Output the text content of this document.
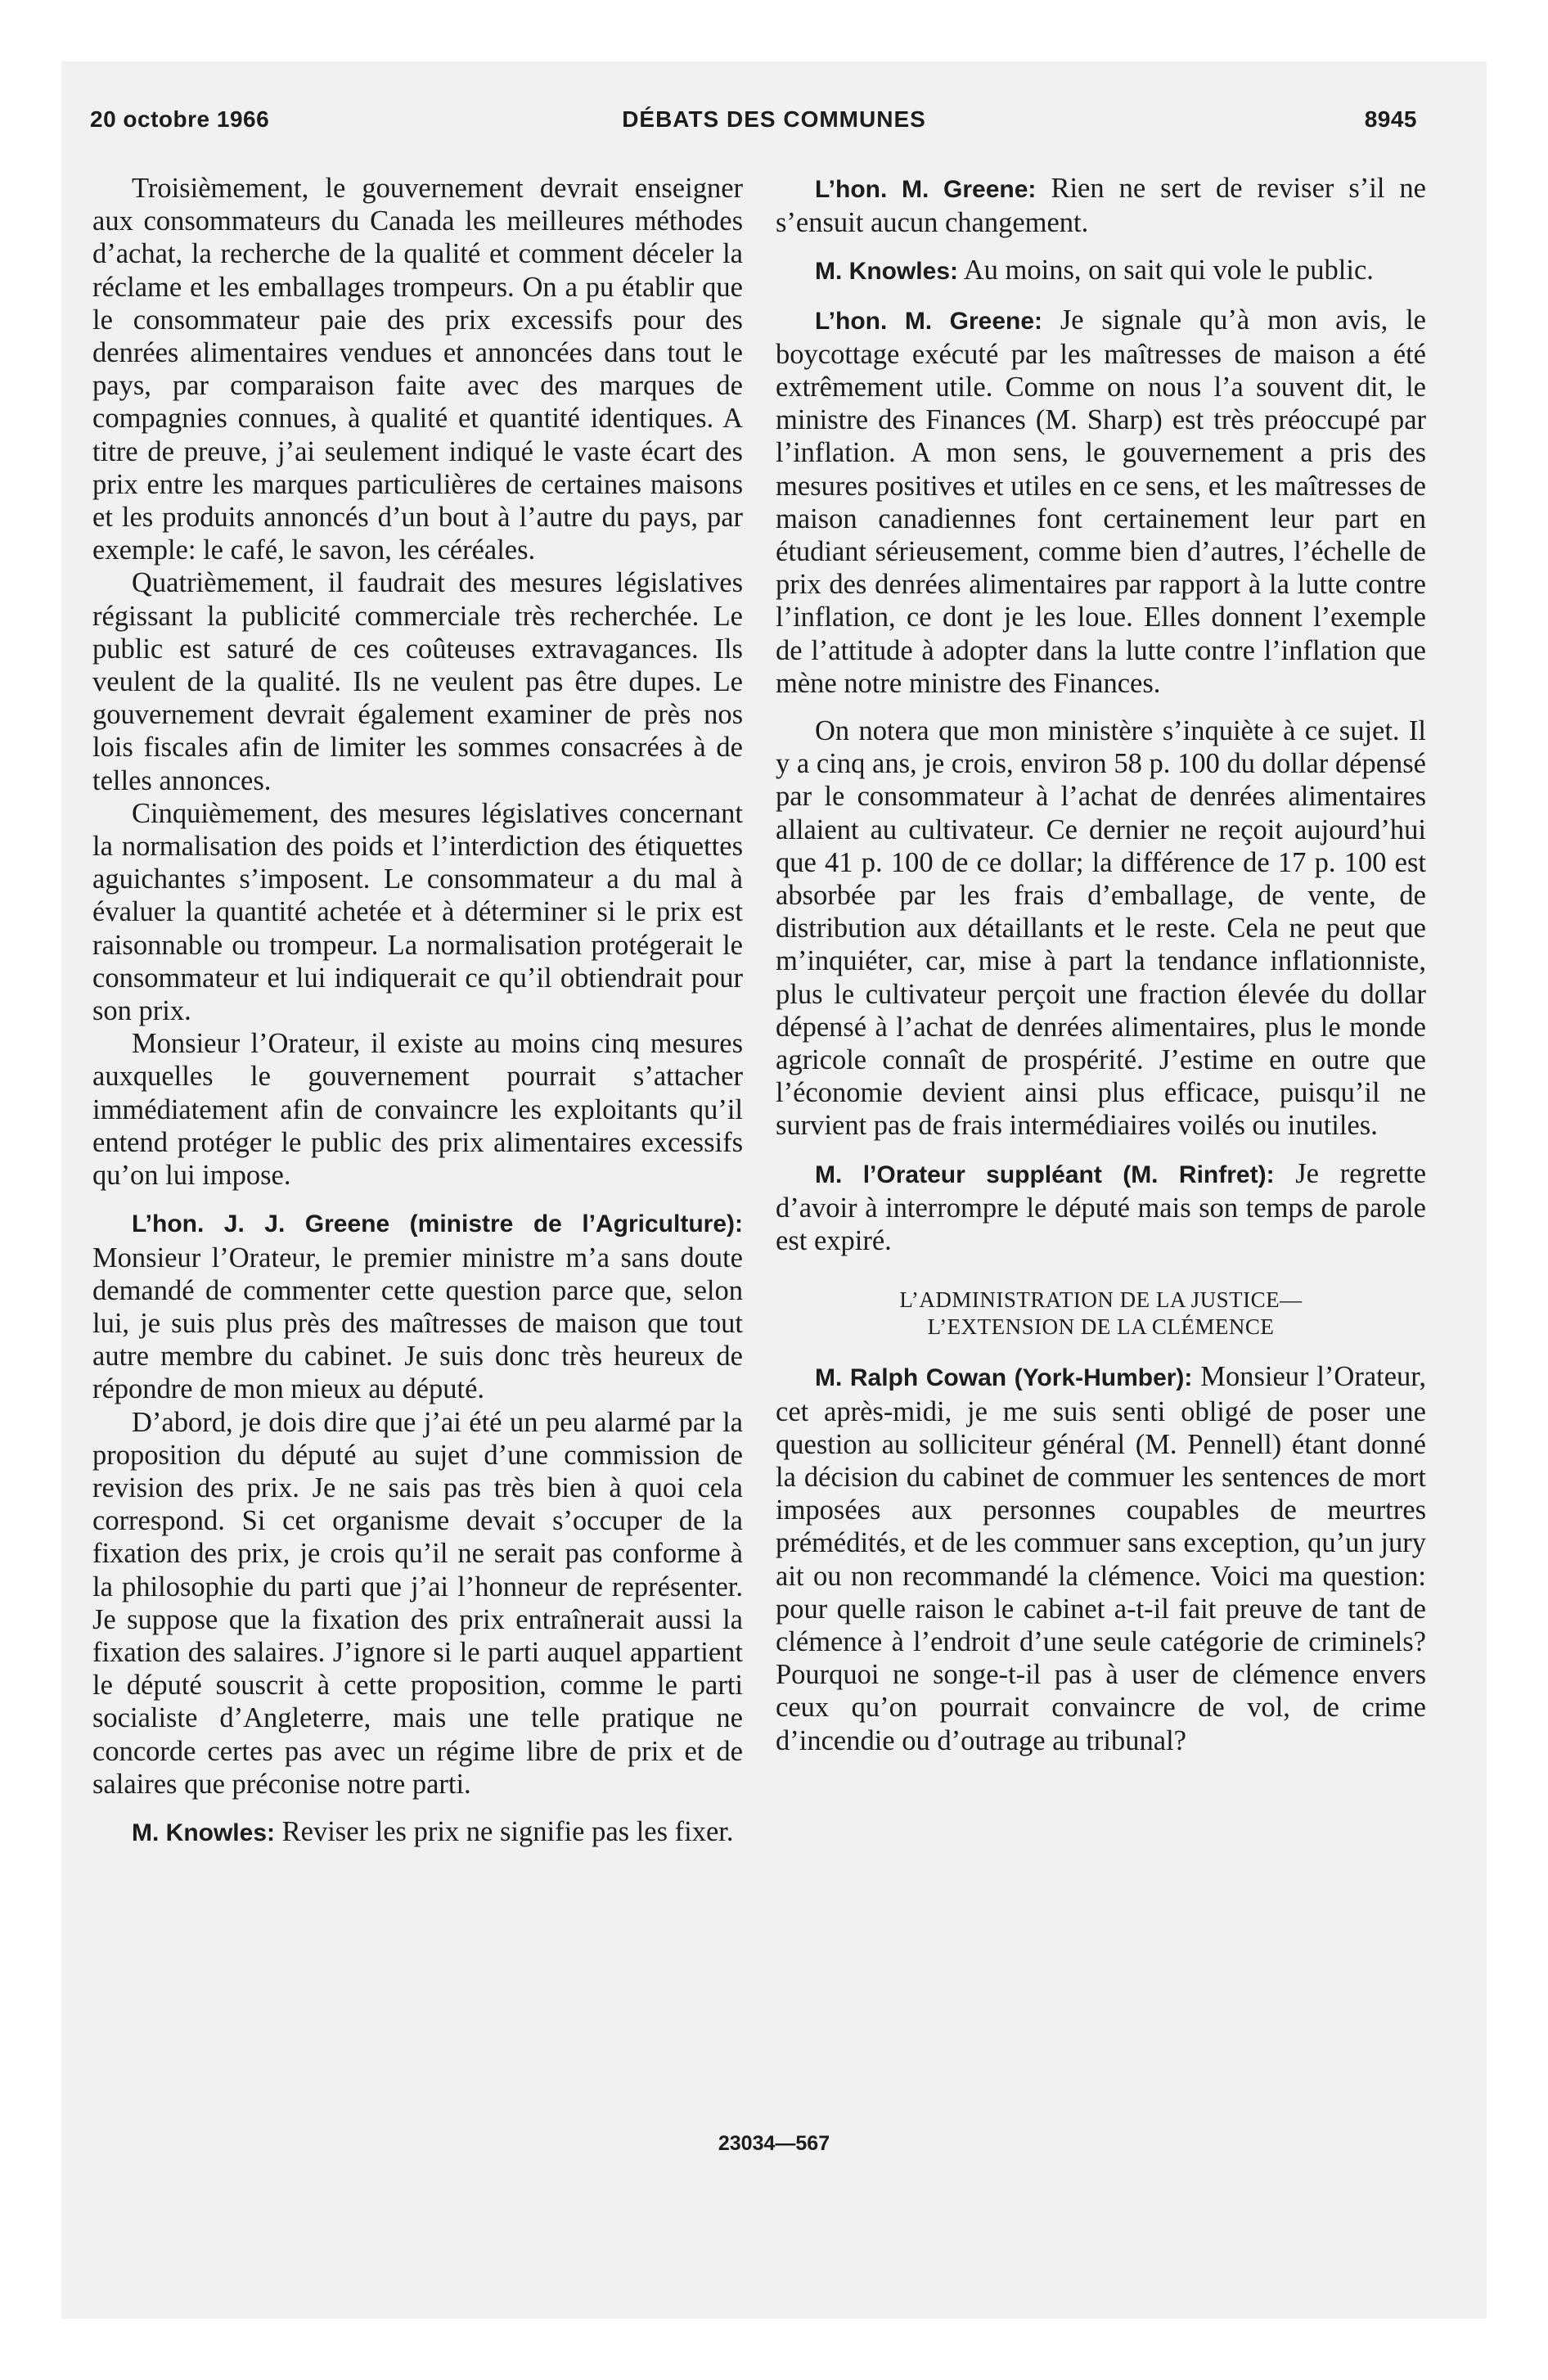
20 octobre 1966	DÉBATS DES COMMUNES	8945

Troisièmement, le gouvernement devrait enseigner aux consommateurs du Canada les meilleures méthodes d’achat, la recherche de la qualité et comment déceler la réclame et les emballages trompeurs. On a pu établir que le consommateur paie des prix excessifs pour des denrées alimentaires vendues et annoncées dans tout le pays, par comparaison faite avec des marques de compagnies connues, à qualité et quantité identiques. A titre de preuve, j’ai seulement indiqué le vaste écart des prix entre les marques particulières de certaines maisons et les produits annoncés d’un bout à l’autre du pays, par exemple: le café, le savon, les céréales.

Quatrièmement, il faudrait des mesures législatives régissant la publicité commerciale très recherchée. Le public est saturé de ces coûteuses extravagances. Ils veulent de la qualité. Ils ne veulent pas être dupes. Le gouvernement devrait également examiner de près nos lois fiscales afin de limiter les sommes consacrées à de telles annonces.

Cinquièmement, des mesures législatives concernant la normalisation des poids et l’interdiction des étiquettes aguichantes s’imposent. Le consommateur a du mal à évaluer la quantité achetée et à déterminer si le prix est raisonnable ou trompeur. La normalisation protégerait le consommateur et lui indiquerait ce qu’il obtiendrait pour son prix.

Monsieur l’Orateur, il existe au moins cinq mesures auxquelles le gouvernement pourrait s’attacher immédiatement afin de convaincre les exploitants qu’il entend protéger le public des prix alimentaires excessifs qu’on lui impose.

L’hon. J. J. Greene (ministre de l’Agriculture): Monsieur l’Orateur, le premier ministre m’a sans doute demandé de commenter cette question parce que, selon lui, je suis plus près des maîtresses de maison que tout autre membre du cabinet. Je suis donc très heureux de répondre de mon mieux au député.

D’abord, je dois dire que j’ai été un peu alarmé par la proposition du député au sujet d’une commission de revision des prix. Je ne sais pas très bien à quoi cela correspond. Si cet organisme devait s’occuper de la fixation des prix, je crois qu’il ne serait pas conforme à la philosophie du parti que j’ai l’honneur de représenter. Je suppose que la fixation des prix entraînerait aussi la fixation des salaires. J’ignore si le parti auquel appartient le député souscrit à cette proposition, comme le parti socialiste d’Angleterre, mais une telle pratique ne concorde certes pas avec un régime libre de prix et de salaires que préconise notre parti.

M. Knowles: Reviser les prix ne signifie pas les fixer.

L’hon. M. Greene: Rien ne sert de reviser s’il ne s’ensuit aucun changement.

M. Knowles: Au moins, on sait qui vole le public.

L’hon. M. Greene: Je signale qu’à mon avis, le boycottage exécuté par les maîtresses de maison a été extrêmement utile. Comme on nous l’a souvent dit, le ministre des Finances (M. Sharp) est très préoccupé par l’inflation. A mon sens, le gouvernement a pris des mesures positives et utiles en ce sens, et les maîtresses de maison canadiennes font certainement leur part en étudiant sérieusement, comme bien d’autres, l’échelle de prix des denrées alimentaires par rapport à la lutte contre l’inflation, ce dont je les loue. Elles donnent l’exemple de l’attitude à adopter dans la lutte contre l’inflation que mène notre ministre des Finances.

On notera que mon ministère s’inquiète à ce sujet. Il y a cinq ans, je crois, environ 58 p. 100 du dollar dépensé par le consommateur à l’achat de denrées alimentaires allaient au cultivateur. Ce dernier ne reçoit aujourd’hui que 41 p. 100 de ce dollar; la différence de 17 p. 100 est absorbée par les frais d’emballage, de vente, de distribution aux détaillants et le reste. Cela ne peut que m’inquiéter, car, mise à part la tendance inflationniste, plus le cultivateur perçoit une fraction élevée du dollar dépensé à l’achat de denrées alimentaires, plus le monde agricole connaît de prospérité. J’estime en outre que l’économie devient ainsi plus efficace, puisqu’il ne survient pas de frais intermédiaires voilés ou inutiles.

M. l’Orateur suppléant (M. Rinfret): Je regrette d’avoir à interrompre le député mais son temps de parole est expiré.

L’ADMINISTRATION DE LA JUSTICE—
L’EXTENSION DE LA CLÉMENCE

M. Ralph Cowan (York-Humber): Monsieur l’Orateur, cet après-midi, je me suis senti obligé de poser une question au solliciteur général (M. Pennell) étant donné la décision du cabinet de commuer les sentences de mort imposées aux personnes coupables de meurtres prémédités, et de les commuer sans exception, qu’un jury ait ou non recommandé la clémence. Voici ma question: pour quelle raison le cabinet a-t-il fait preuve de tant de clémence à l’endroit d’une seule catégorie de criminels? Pourquoi ne songe-t-il pas à user de clémence envers ceux qu’on pourrait convaincre de vol, de crime d’incendie ou d’outrage au tribunal?

23034—567
